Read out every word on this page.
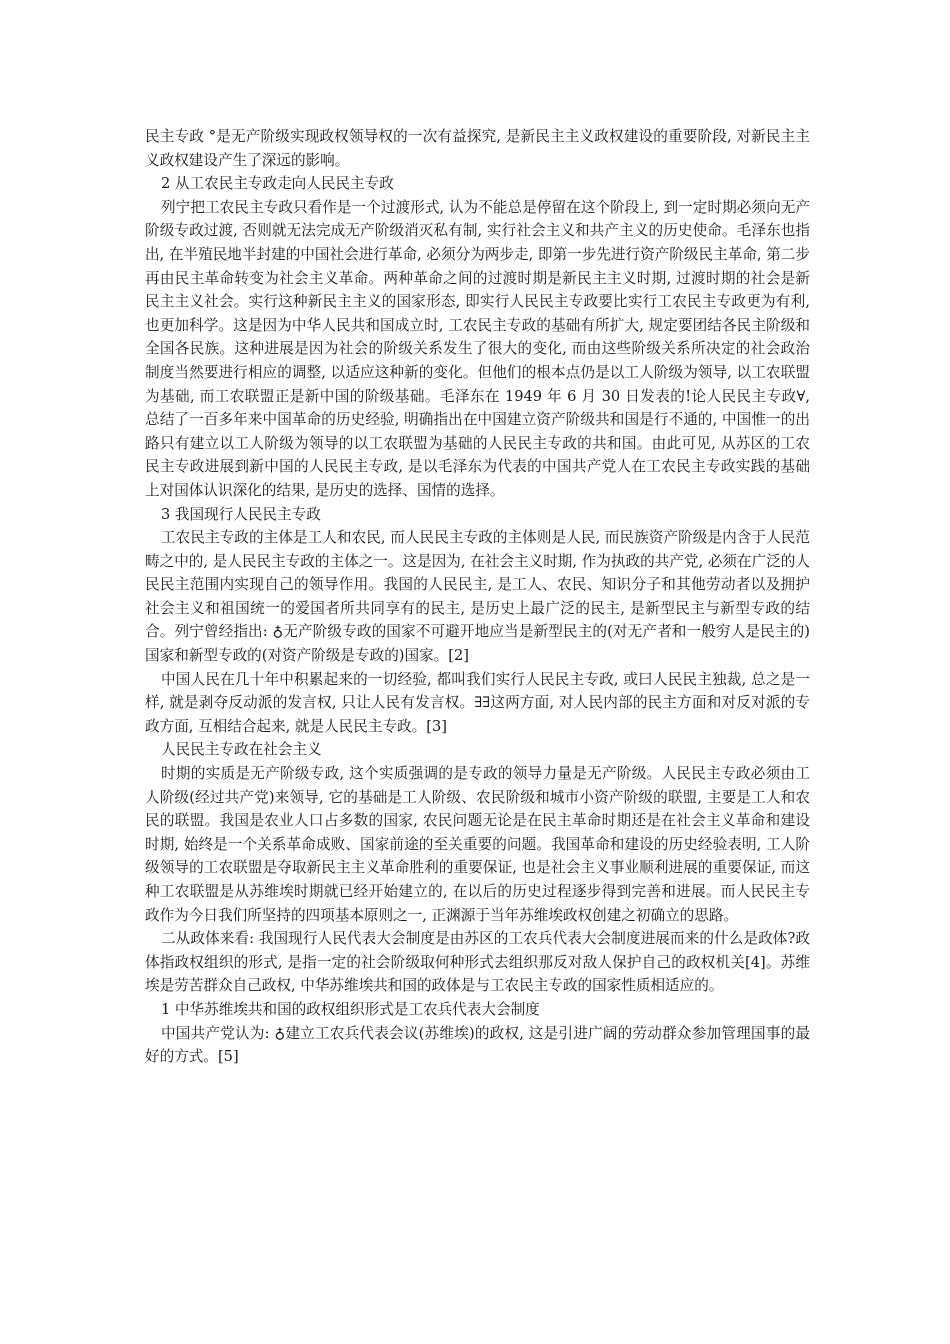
民主专政 °是无产阶级实现政权领导权的一次有益探究, 是新民主主义政权建设的重要阶段, 对新民主主义政权建设产生了深远的影响。

2 从工农民主专政走向人民民主专政

列宁把工农民主专政只看作是一个过渡形式, 认为不能总是停留在这个阶段上, 到一定时期必须向无产阶级专政过渡, 否则就无法完成无产阶级消灭私有制, 实行社会主义和共产主义的历史使命。毛泽东也指出, 在半殖民地半封建的中国社会进行革命, 必须分为两步走, 即第一步先进行资产阶级民主革命, 第二步再由民主革命转变为社会主义革命。两种革命之间的过渡时期是新民主主义时期, 过渡时期的社会是新民主主义社会。实行这种新民主主义的国家形态, 即实行人民民主专政要比实行工农民主专政更为有利, 也更加科学。这是因为中华人民共和国成立时, 工农民主专政的基础有所扩大, 规定要团结各民主阶级和全国各民族。这种进展是因为社会的阶级关系发生了很大的变化, 而由这些阶级关系所决定的社会政治制度当然要进行相应的调整, 以适应这种新的变化。但他们的根本点仍是以工人阶级为领导, 以工农联盟为基础, 而工农联盟正是新中国的阶级基础。毛泽东在 1949 年 6 月 30 日发表的!论人民民主专政∀, 总结了一百多年来中国革命的历史经验, 明确指出在中国建立资产阶级共和国是行不通的, 中国惟一的出路只有建立以工人阶级为领导的以工农联盟为基础的人民民主专政的共和国。由此可见, 从苏区的工农民主专政进展到新中国的人民民主专政, 是以毛泽东为代表的中国共产党人在工农民主专政实践的基础上对国体认识深化的结果, 是历史的选择、国情的选择。

3 我国现行人民民主专政

工农民主专政的主体是工人和农民, 而人民民主专政的主体则是人民, 而民族资产阶级是内含于人民范畴之中的, 是人民民主专政的主体之一。这是因为, 在社会主义时期, 作为执政的共产党, 必须在广泛的人民民主范围内实现自己的领导作用。我国的人民民主, 是工人、农民、知识分子和其他劳动者以及拥护社会主义和祖国统一的爱国者所共同享有的民主, 是历史上最广泛的民主, 是新型民主与新型专政的结合。列宁曾经指出: ♁无产阶级专政的国家不可避开地应当是新型民主的(对无产者和一般穷人是民主的)国家和新型专政的(对资产阶级是专政的)国家。[2]

中国人民在几十年中积累起来的一切经验, 都叫我们实行人民民主专政, 或曰人民民主独裁, 总之是一样, 就是剥夺反动派的发言权, 只让人民有发言权。∃∃这两方面, 对人民内部的民主方面和对反对派的专政方面, 互相结合起来, 就是人民民主专政。[3]

人民民主专政在社会主义

时期的实质是无产阶级专政, 这个实质强调的是专政的领导力量是无产阶级。人民民主专政必须由工人阶级(经过共产党)来领导, 它的基础是工人阶级、农民阶级和城市小资产阶级的联盟, 主要是工人和农民的联盟。我国是农业人口占多数的国家, 农民问题无论是在民主革命时期还是在社会主义革命和建设时期, 始终是一个关系革命成败、国家前途的至关重要的问题。我国革命和建设的历史经验表明, 工人阶级领导的工农联盟是夺取新民主主义革命胜利的重要保证, 也是社会主义事业顺利进展的重要保证, 而这种工农联盟是从苏维埃时期就已经开始建立的, 在以后的历史过程逐步得到完善和进展。而人民民主专政作为今日我们所坚持的四项基本原则之一, 正渊源于当年苏维埃政权创建之初确立的思路。

二从政体来看: 我国现行人民代表大会制度是由苏区的工农兵代表大会制度进展而来的什么是政体?政体指政权组织的形式, 是指一定的社会阶级取何种形式去组织那反对敌人保护自己的政权机关[4]。苏维埃是劳苦群众自己政权, 中华苏维埃共和国的政体是与工农民主专政的国家性质相适应的。

1 中华苏维埃共和国的政权组织形式是工农兵代表大会制度

中国共产党认为: ♁建立工农兵代表会议(苏维埃)的政权, 这是引进广阔的劳动群众参加管理国事的最好的方式。[5]
